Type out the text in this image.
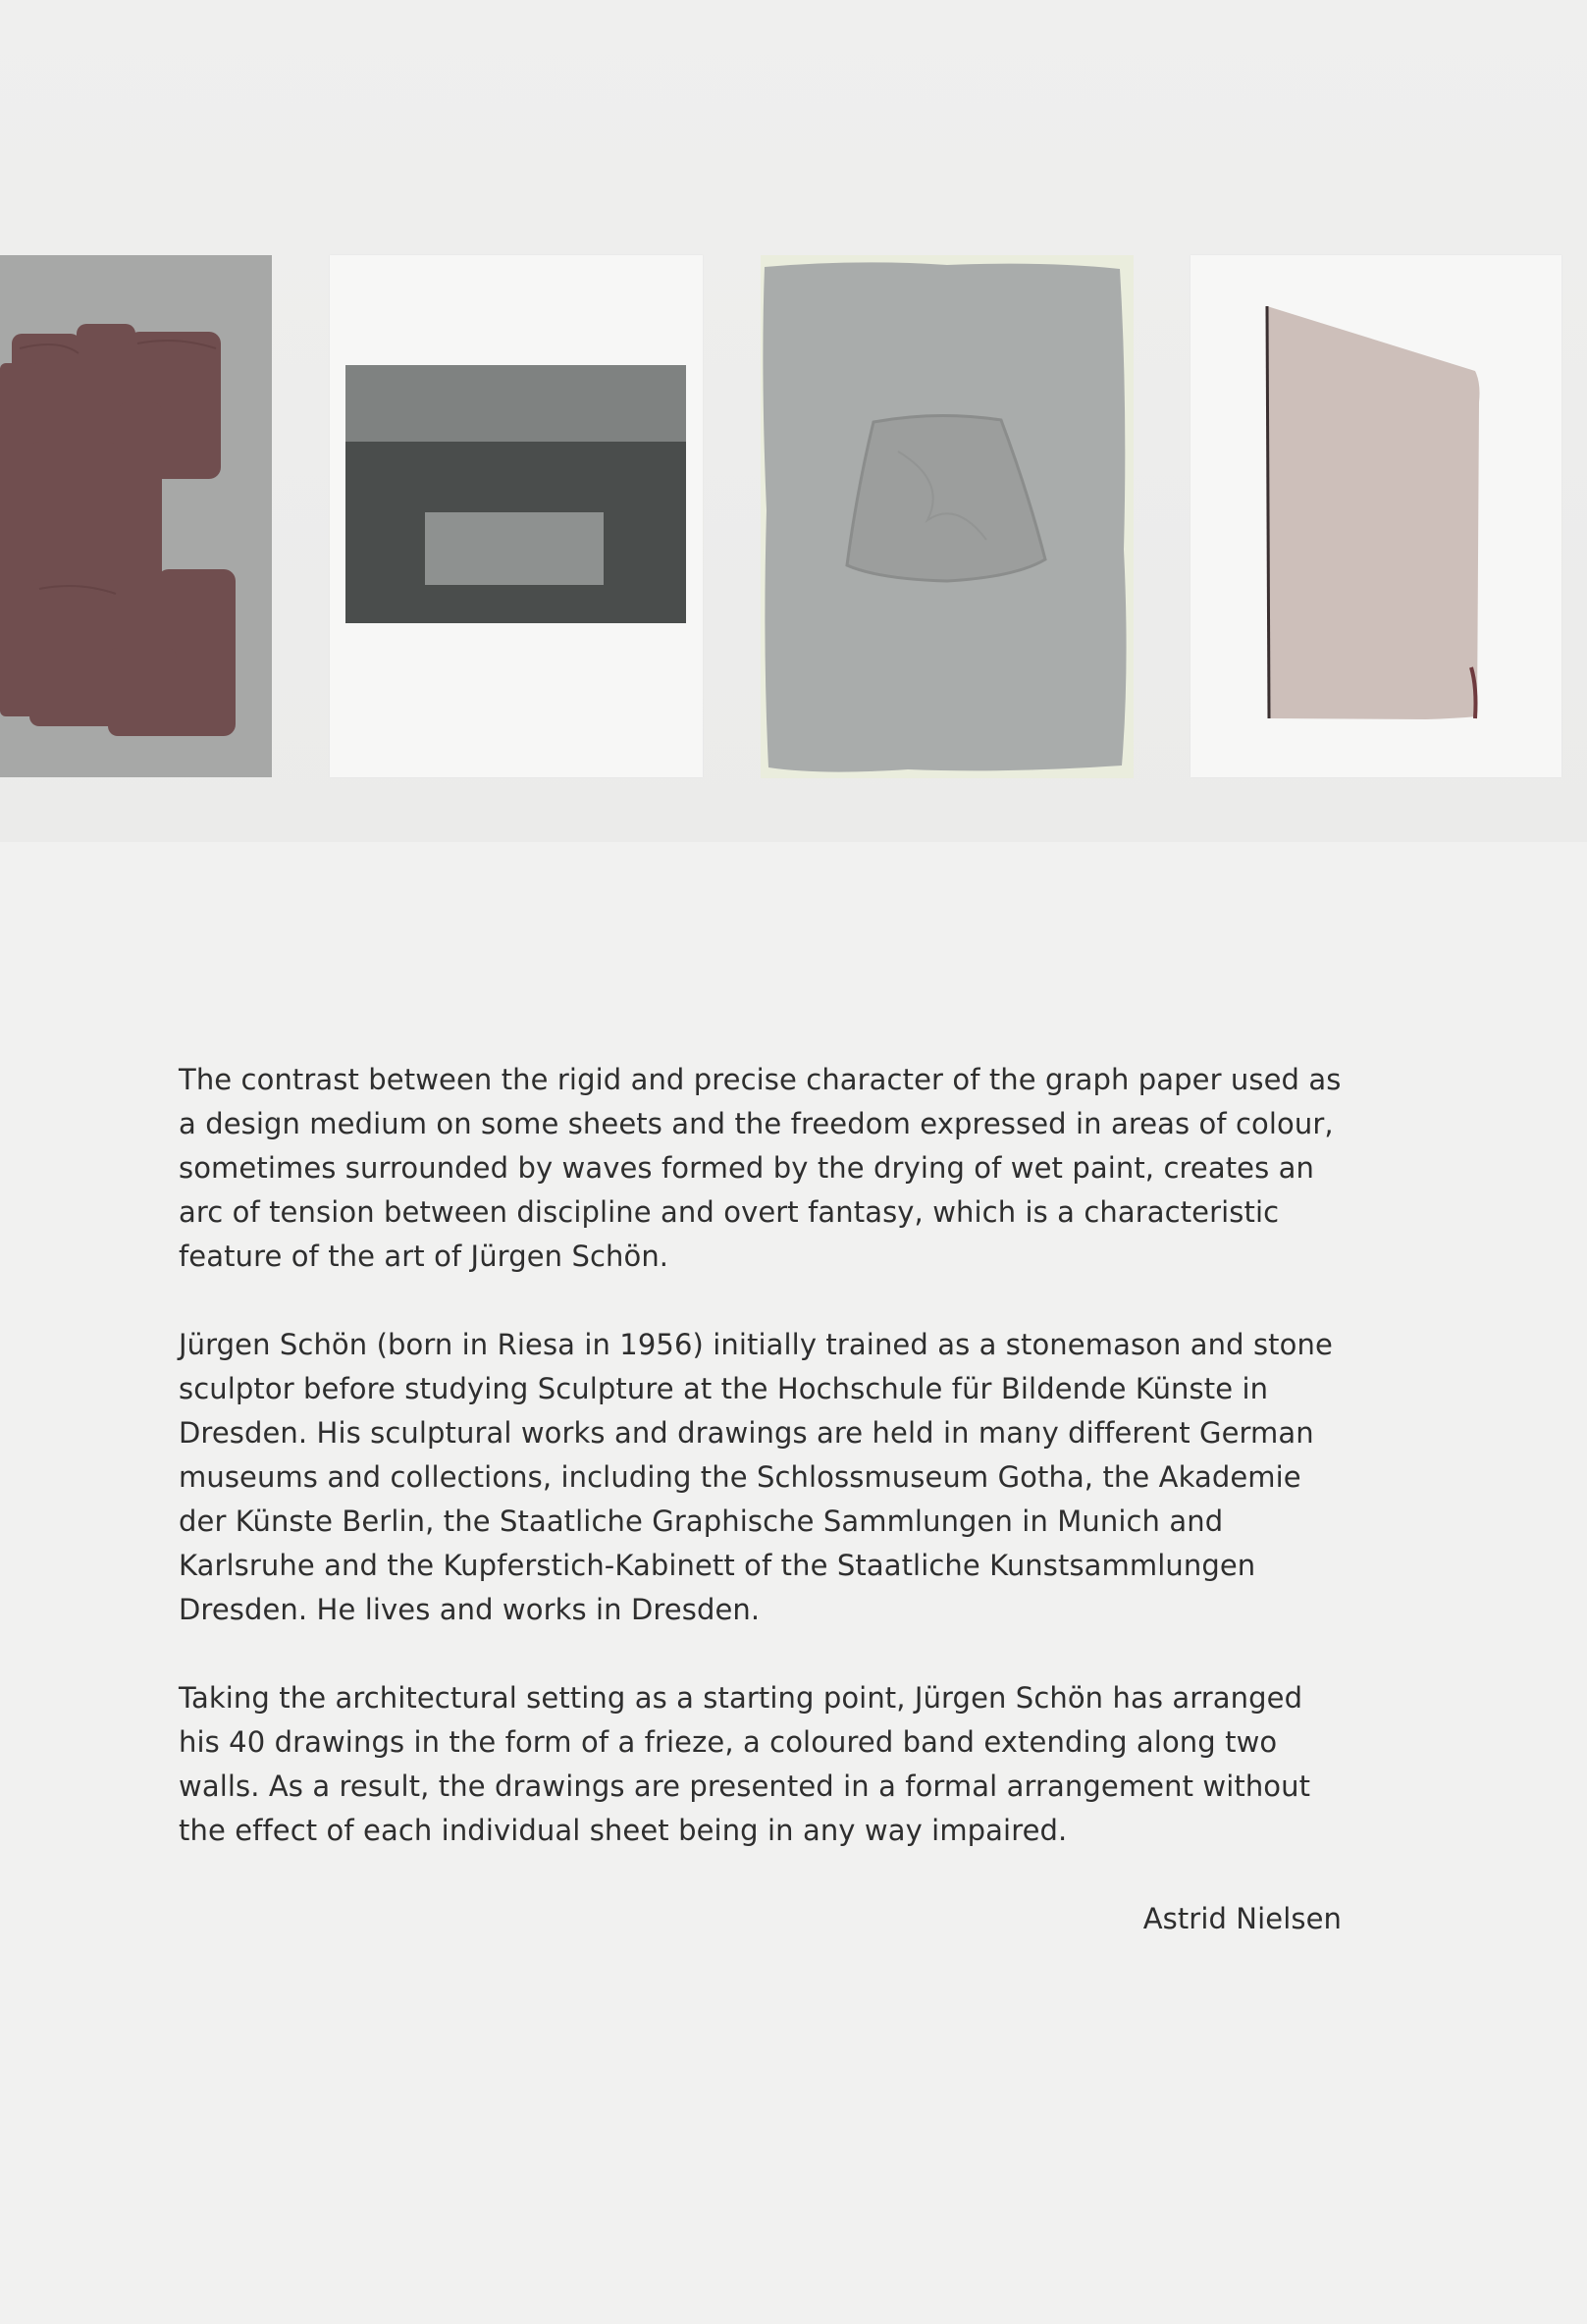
The contrast between the rigid and precise character of the graph paper used as a design medium on some sheets and the freedom expressed in areas of colour, sometimes surrounded by waves formed by the drying of wet paint, creates an arc of tension between discipline and overt fantasy, which is a characteristic feature of the art of Jürgen Schön.

Jürgen Schön (born in Riesa in 1956) initially trained as a stonemason and stone sculptor before studying Sculpture at the Hochschule für Bildende Künste in Dresden. His sculptural works and drawings are held in many different German museums and collections, including the Schlossmuseum Gotha, the Akademie der Künste Berlin, the Staatliche Graphische Sammlungen in Munich and Karlsruhe and the Kupferstich-Kabinett of the Staatliche Kunstsammlungen Dresden. He lives and works in Dresden.

Taking the architectural setting as a starting point, Jürgen Schön has arranged his 40 drawings in the form of a frieze, a coloured band extending along two walls. As a result, the drawings are presented in a formal arrangement without the effect of each individual sheet being in any way impaired.

Astrid Nielsen
